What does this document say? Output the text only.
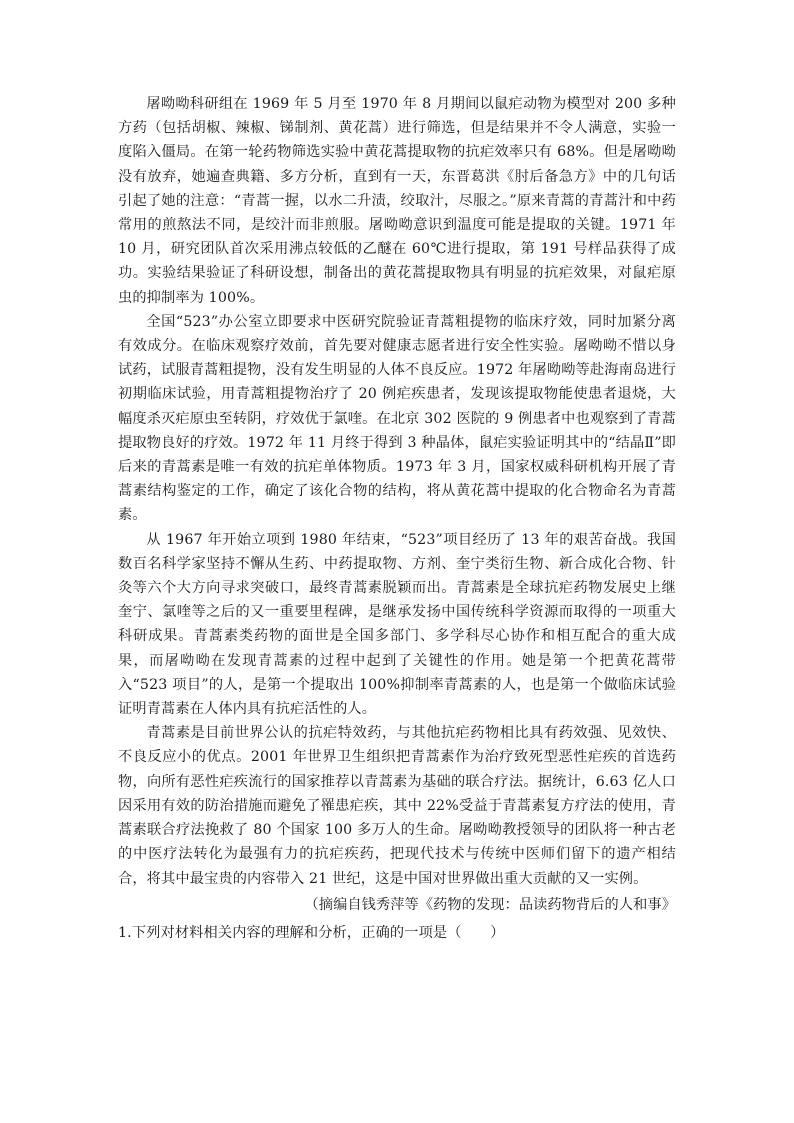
屠呦呦科研组在 1969 年 5 月至 1970 年 8 月期间以鼠疟动物为模型对 200 多种方药（包括胡椒、辣椒、锑制剂、黄花蒿）进行筛选，但是结果并不令人满意，实验一度陷入僵局。在第一轮药物筛选实验中黄花蒿提取物的抗疟效率只有 68%。但是屠呦呦没有放弃，她遍查典籍、多方分析，直到有一天，东晋葛洪《肘后备急方》中的几句话引起了她的注意：“青蒿一握，以水二升渍，绞取汁，尽服之。”原来青蒿的青蒿汁和中药常用的煎熬法不同，是绞汁而非煎服。屠呦呦意识到温度可能是提取的关键。1971 年 10 月，研究团队首次采用沸点较低的乙醚在 60℃进行提取，第 191 号样品获得了成功。实验结果验证了科研设想，制备出的黄花蒿提取物具有明显的抗疟效果，对鼠疟原虫的抑制率为 100%。

全国“523”办公室立即要求中医研究院验证青蒿粗提物的临床疗效，同时加紧分离有效成分。在临床观察疗效前，首先要对健康志愿者进行安全性实验。屠呦呦不惜以身试药，试服青蒿粗提物，没有发生明显的人体不良反应。1972 年屠呦呦等赴海南岛进行初期临床试验，用青蒿粗提物治疗了 20 例疟疾患者，发现该提取物能使患者退烧，大幅度杀灭疟原虫至转阴，疗效优于氯喹。在北京 302 医院的 9 例患者中也观察到了青蒿提取物良好的疗效。1972 年 11 月终于得到 3 种晶体，鼠疟实验证明其中的“结晶Ⅱ”即后来的青蒿素是唯一有效的抗疟单体物质。1973 年 3 月，国家权威科研机构开展了青蒿素结构鉴定的工作，确定了该化合物的结构，将从黄花蒿中提取的化合物命名为青蒿素。

从 1967 年开始立项到 1980 年结束，“523”项目经历了 13 年的艰苦奋战。我国数百名科学家坚持不懈从生药、中药提取物、方剂、奎宁类衍生物、新合成化合物、针灸等六个大方向寻求突破口，最终青蒿素脱颖而出。青蒿素是全球抗疟药物发展史上继奎宁、氯喹等之后的又一重要里程碑，是继承发扬中国传统科学资源而取得的一项重大科研成果。青蒿素类药物的面世是全国多部门、多学科尽心协作和相互配合的重大成果，而屠呦呦在发现青蒿素的过程中起到了关键性的作用。她是第一个把黄花蒿带入“523 项目”的人，是第一个提取出 100%抑制率青蒿素的人，也是第一个做临床试验证明青蒿素在人体内具有抗疟活性的人。

青蒿素是目前世界公认的抗疟特效药，与其他抗疟药物相比具有药效强、见效快、不良反应小的优点。2001 年世界卫生组织把青蒿素作为治疗致死型恶性疟疾的首选药物，向所有恶性疟疾流行的国家推荐以青蒿素为基础的联合疗法。据统计，6.63 亿人口因采用有效的防治措施而避免了罹患疟疾，其中 22%受益于青蒿素复方疗法的使用，青蒿素联合疗法挽救了 80 个国家 100 多万人的生命。屠呦呦教授领导的团队将一种古老的中医疗法转化为最强有力的抗疟疾药，把现代技术与传统中医师们留下的遗产相结合，将其中最宝贵的内容带入 21 世纪，这是中国对世界做出重大贡献的又一实例。

（摘编自钱秀萍等《药物的发现：品读药物背后的人和事》

1.下列对材料相关内容的理解和分析，正确的一项是（　　）
